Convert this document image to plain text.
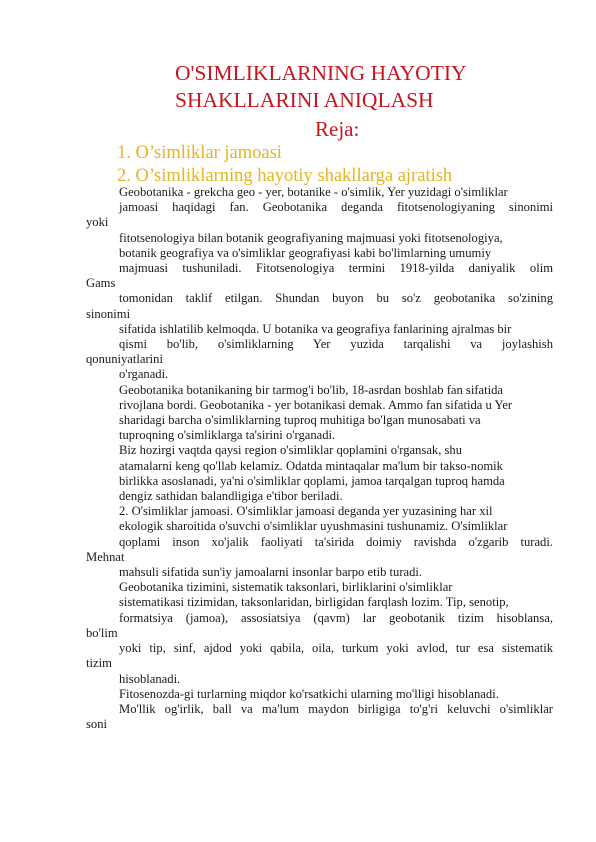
O'SIMLIKLARNING HAYOTIY
SHAKLLARINI ANIQLASH
Reja:
1. O’simliklar jamoasi
2. O’simliklarning hayotiy shakllarga ajratish
Geobotanika - grekcha geo - yer, botanike - o'simlik, Yer yuzidagi o'simliklar
jamoasi haqidagi fan. Geobotanika deganda fitotsenologiyaning sinonimi
yoki
fitotsenologiya bilan botanik geografiyaning majmuasi yoki fitotsenologiya,
botanik geografiya va o'simliklar geografiyasi kabi bo'limlarning umumiy
majmuasi tushuniladi. Fitotsenologiya termini 1918-yilda daniyalik olim
Gams
tomonidan taklif etilgan. Shundan buyon bu so'z geobotanika so'zining
sinonimi
sifatida ishlatilib kelmoqda. U botanika va geografiya fanlarining ajralmas bir
qismi bo'lib, o'simliklarning Yer yuzida tarqalishi va joylashish
qonuniyatlarini
o'rganadi.
Geobotanika botanikaning bir tarmog'i bo'lib, 18-asrdan boshlab fan sifatida
rivojlana bordi. Geobotanika - yer botanikasi demak. Ammo fan sifatida u Yer
sharidagi barcha o'simliklarning tuproq muhitiga bo'lgan munosabati va
tuproqning o'simliklarga ta'sirini o'rganadi.
Biz hozirgi vaqtda qaysi region o'simliklar qoplamini o'rgansak, shu
atamalarni keng qo'llab kelamiz. Odatda mintaqalar ma'lum bir takso-nomik
birlikka asoslanadi, ya'ni o'simliklar qoplami, jamoa tarqalgan tuproq hamda
dengiz sathidan balandligiga e'tibor beriladi.
2. O'simliklar jamoasi. O'simliklar jamoasi deganda yer yuzasining har xil
ekologik sharoitida o'suvchi o'simliklar uyushmasini tushunamiz. O'simliklar
qoplami inson xo'jalik faoliyati ta'sirida doimiy ravishda o'zgarib turadi.
Mehnat
mahsuli sifatida sun'iy jamoalarni insonlar barpo etib turadi.
Geobotanika tizimini, sistematik taksonlari, birliklarini o'simliklar
sistematikasi tizimidan, taksonlaridan, birligidan farqlash lozim. Tip, senotip,
formatsiya (jamoa), assosiatsiya (qavm) lar geobotanik tizim hisoblansa,
bo'lim
yoki tip, sinf, ajdod yoki qabila, oila, turkum yoki avlod, tur esa sistematik
tizim
hisoblanadi.
Fitosenozda-gi turlarning miqdor ko'rsatkichi ularning mo'lligi hisoblanadi.
Mo'llik og'irlik, ball va ma'lum maydon birligiga to'g'ri keluvchi o'simliklar
soni
